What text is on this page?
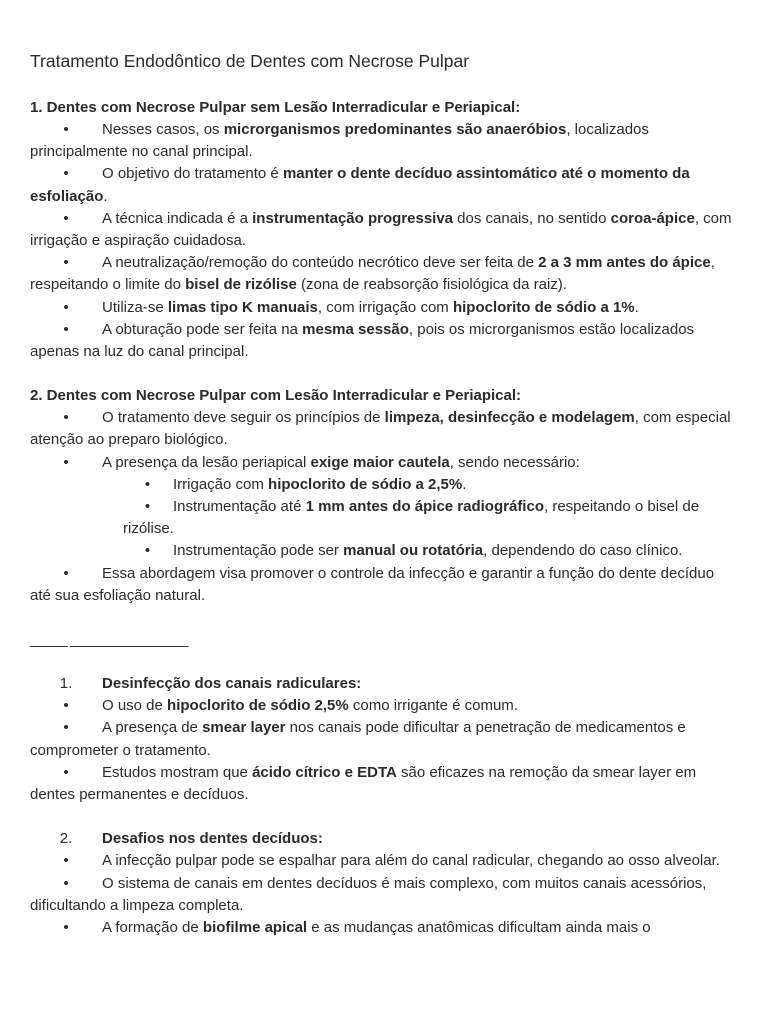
Tratamento Endodôntico de Dentes com Necrose Pulpar
1. Dentes com Necrose Pulpar sem Lesão Interradicular e Periapical:

• Nesses casos, os microrganismos predominantes são anaeróbios, localizados principalmente no canal principal.

• O objetivo do tratamento é manter o dente decíduo assintomático até o momento da esfoliação.

• A técnica indicada é a instrumentação progressiva dos canais, no sentido coroa-ápice, com irrigação e aspiração cuidadosa.

• A neutralização/remoção do conteúdo necrótico deve ser feita de 2 a 3 mm antes do ápice, respeitando o limite do bisel de rizólise (zona de reabsorção fisiológica da raiz).

• Utiliza-se limas tipo K manuais, com irrigação com hipoclorito de sódio a 1%.

• A obturação pode ser feita na mesma sessão, pois os microrganismos estão localizados apenas na luz do canal principal.

2. Dentes com Necrose Pulpar com Lesão Interradicular e Periapical:

• O tratamento deve seguir os princípios de limpeza, desinfecção e modelagem, com especial atenção ao preparo biológico.

• A presença da lesão periapical exige maior cautela, sendo necessário:

• Irrigação com hipoclorito de sódio a 2,5%.

• Instrumentação até 1 mm antes do ápice radiográfico, respeitando o bisel de rizólise.

• Instrumentação pode ser manual ou rotatória, dependendo do caso clínico.

• Essa abordagem visa promover o controle da infecção e garantir a função do dente decíduo até sua esfoliação natural.

_____ ________________

1. Desinfecção dos canais radiculares:

• O uso de hipoclorito de sódio 2,5% como irrigante é comum.

• A presença de smear layer nos canais pode dificultar a penetração de medicamentos e comprometer o tratamento.

• Estudos mostram que ácido cítrico e EDTA são eficazes na remoção da smear layer em dentes permanentes e decíduos.

2. Desafios nos dentes decíduos:

• A infecção pulpar pode se espalhar para além do canal radicular, chegando ao osso alveolar.

• O sistema de canais em dentes decíduos é mais complexo, com muitos canais acessórios, dificultando a limpeza completa.

• A formação de biofilme apical e as mudanças anatômicas dificultam ainda mais o
